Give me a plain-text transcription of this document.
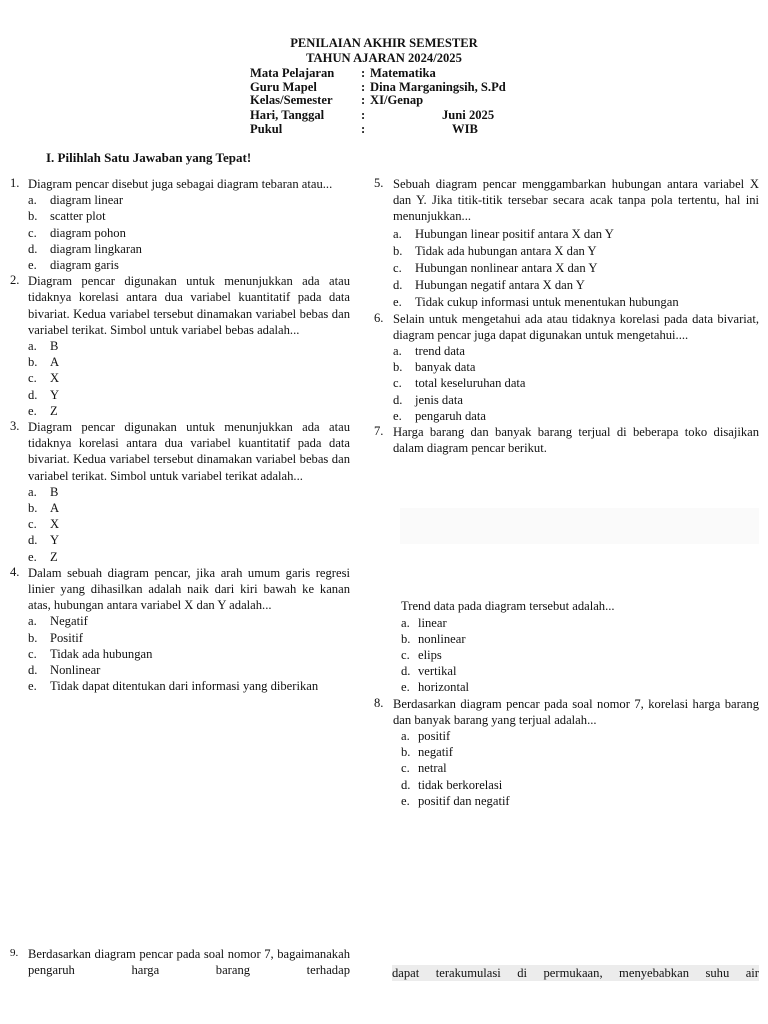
PENILAIAN AKHIR SEMESTER
TAHUN AJARAN 2024/2025
Mata Pelajaran : Matematika
Guru Mapel	: Dina Marganingsih, S.Pd
Kelas/Semester : XI/Genap
Hari, Tanggal	:	Juni 2025
Pukul	:	WIB
I. Pilihlah Satu Jawaban yang Tepat!
1. Diagram pencar disebut juga sebagai diagram tebaran atau...
a. diagram linear
b. scatter plot
c. diagram pohon
d. diagram lingkaran
e. diagram garis
2. Diagram pencar digunakan untuk menunjukkan ada atau tidaknya korelasi antara dua variabel kuantitatif pada data bivariat. Kedua variabel tersebut dinamakan variabel bebas dan variabel terikat. Simbol untuk variabel bebas adalah...
a. B
b. A
c. X
d. Y
e. Z
3. Diagram pencar digunakan untuk menunjukkan ada atau tidaknya korelasi antara dua variabel kuantitatif pada data bivariat. Kedua variabel tersebut dinamakan variabel bebas dan variabel terikat. Simbol untuk variabel terikat adalah...
a. B
b. A
c. X
d. Y
e. Z
4. Dalam sebuah diagram pencar, jika arah umum garis regresi linier yang dihasilkan adalah naik dari kiri bawah ke kanan atas, hubungan antara variabel X dan Y adalah...
a. Negatif
b. Positif
c. Tidak ada hubungan
d. Nonlinear
e. Tidak dapat ditentukan dari informasi yang diberikan
9. Berdasarkan diagram pencar pada soal nomor 7, bagaimanakah pengaruh harga barang terhadap
5. Sebuah diagram pencar menggambarkan hubungan antara variabel X dan Y. Jika titik-titik tersebar secara acak tanpa pola tertentu, hal ini menunjukkan...
a. Hubungan linear positif antara X dan Y
b. Tidak ada hubungan antara X dan Y
c. Hubungan nonlinear antara X dan Y
d. Hubungan negatif antara X dan Y
e. Tidak cukup informasi untuk menentukan hubungan
6. Selain untuk mengetahui ada atau tidaknya korelasi pada data bivariat, diagram pencar juga dapat digunakan untuk mengetahui....
a. trend data
b. banyak data
c. total keseluruhan data
d. jenis data
e. pengaruh data
7. Harga barang dan banyak barang terjual di beberapa toko disajikan dalam diagram pencar berikut.
Trend data pada diagram tersebut adalah...
a. linear
b. nonlinear
c. elips
d. vertikal
e. horizontal
8. Berdasarkan diagram pencar pada soal nomor 7, korelasi harga barang dan banyak barang yang terjual adalah...
a. positif
b. negatif
c. netral
d. tidak berkorelasi
e. positif dan negatif
dapat terakumulasi di permukaan, menyebabkan suhu air
